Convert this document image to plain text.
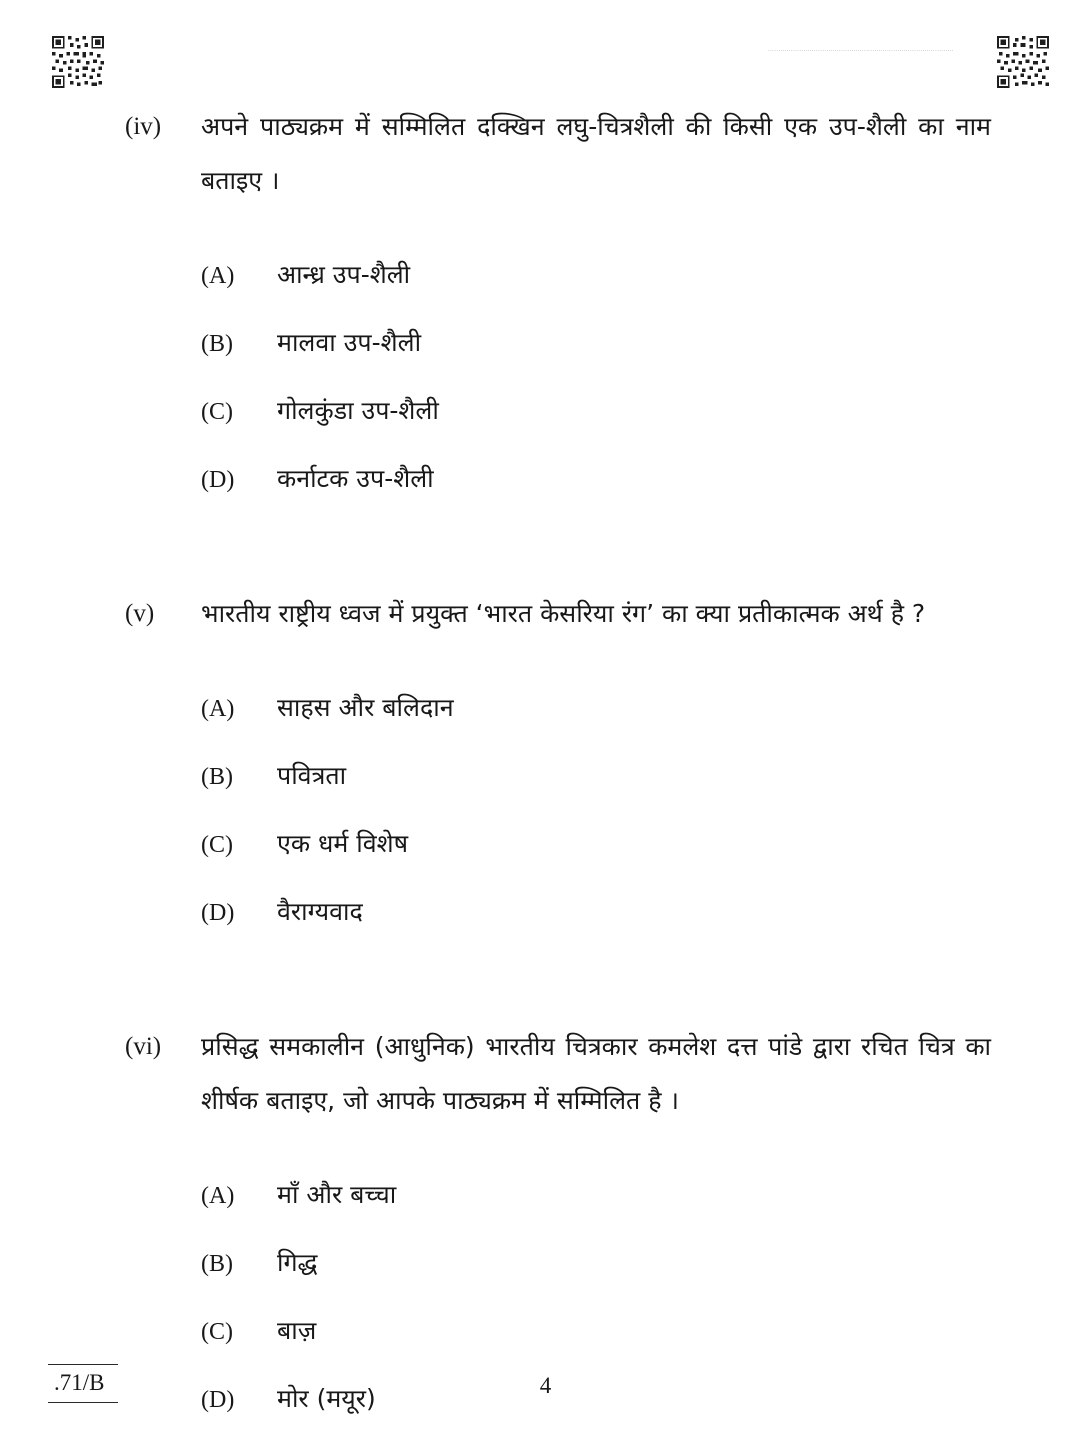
·························································································
(iv)	अपने पाठ्यक्रम में सम्मिलित दक्खिन लघु-चित्रशैली की किसी एक उप-शैली का नाम बताइए ।
(A)	आन्ध्र उप-शैली
(B)	मालवा उप-शैली
(C)	गोलकुंडा उप-शैली
(D)	कर्नाटक उप-शैली
(v)	भारतीय राष्ट्रीय ध्वज में प्रयुक्त ‘भारत केसरिया रंग’ का क्या प्रतीकात्मक अर्थ है ?
(A)	साहस और बलिदान
(B)	पवित्रता
(C)	एक धर्म विशेष
(D)	वैराग्यवाद
(vi)	प्रसिद्ध समकालीन (आधुनिक) भारतीय चित्रकार कमलेश दत्त पांडे द्वारा रचित चित्र का शीर्षक बताइए, जो आपके पाठ्यक्रम में सम्मिलित है ।
(A)	माँ और बच्चा
(B)	गिद्ध
(C)	बाज़
(D)	मोर (मयूर)
.71/B	4
